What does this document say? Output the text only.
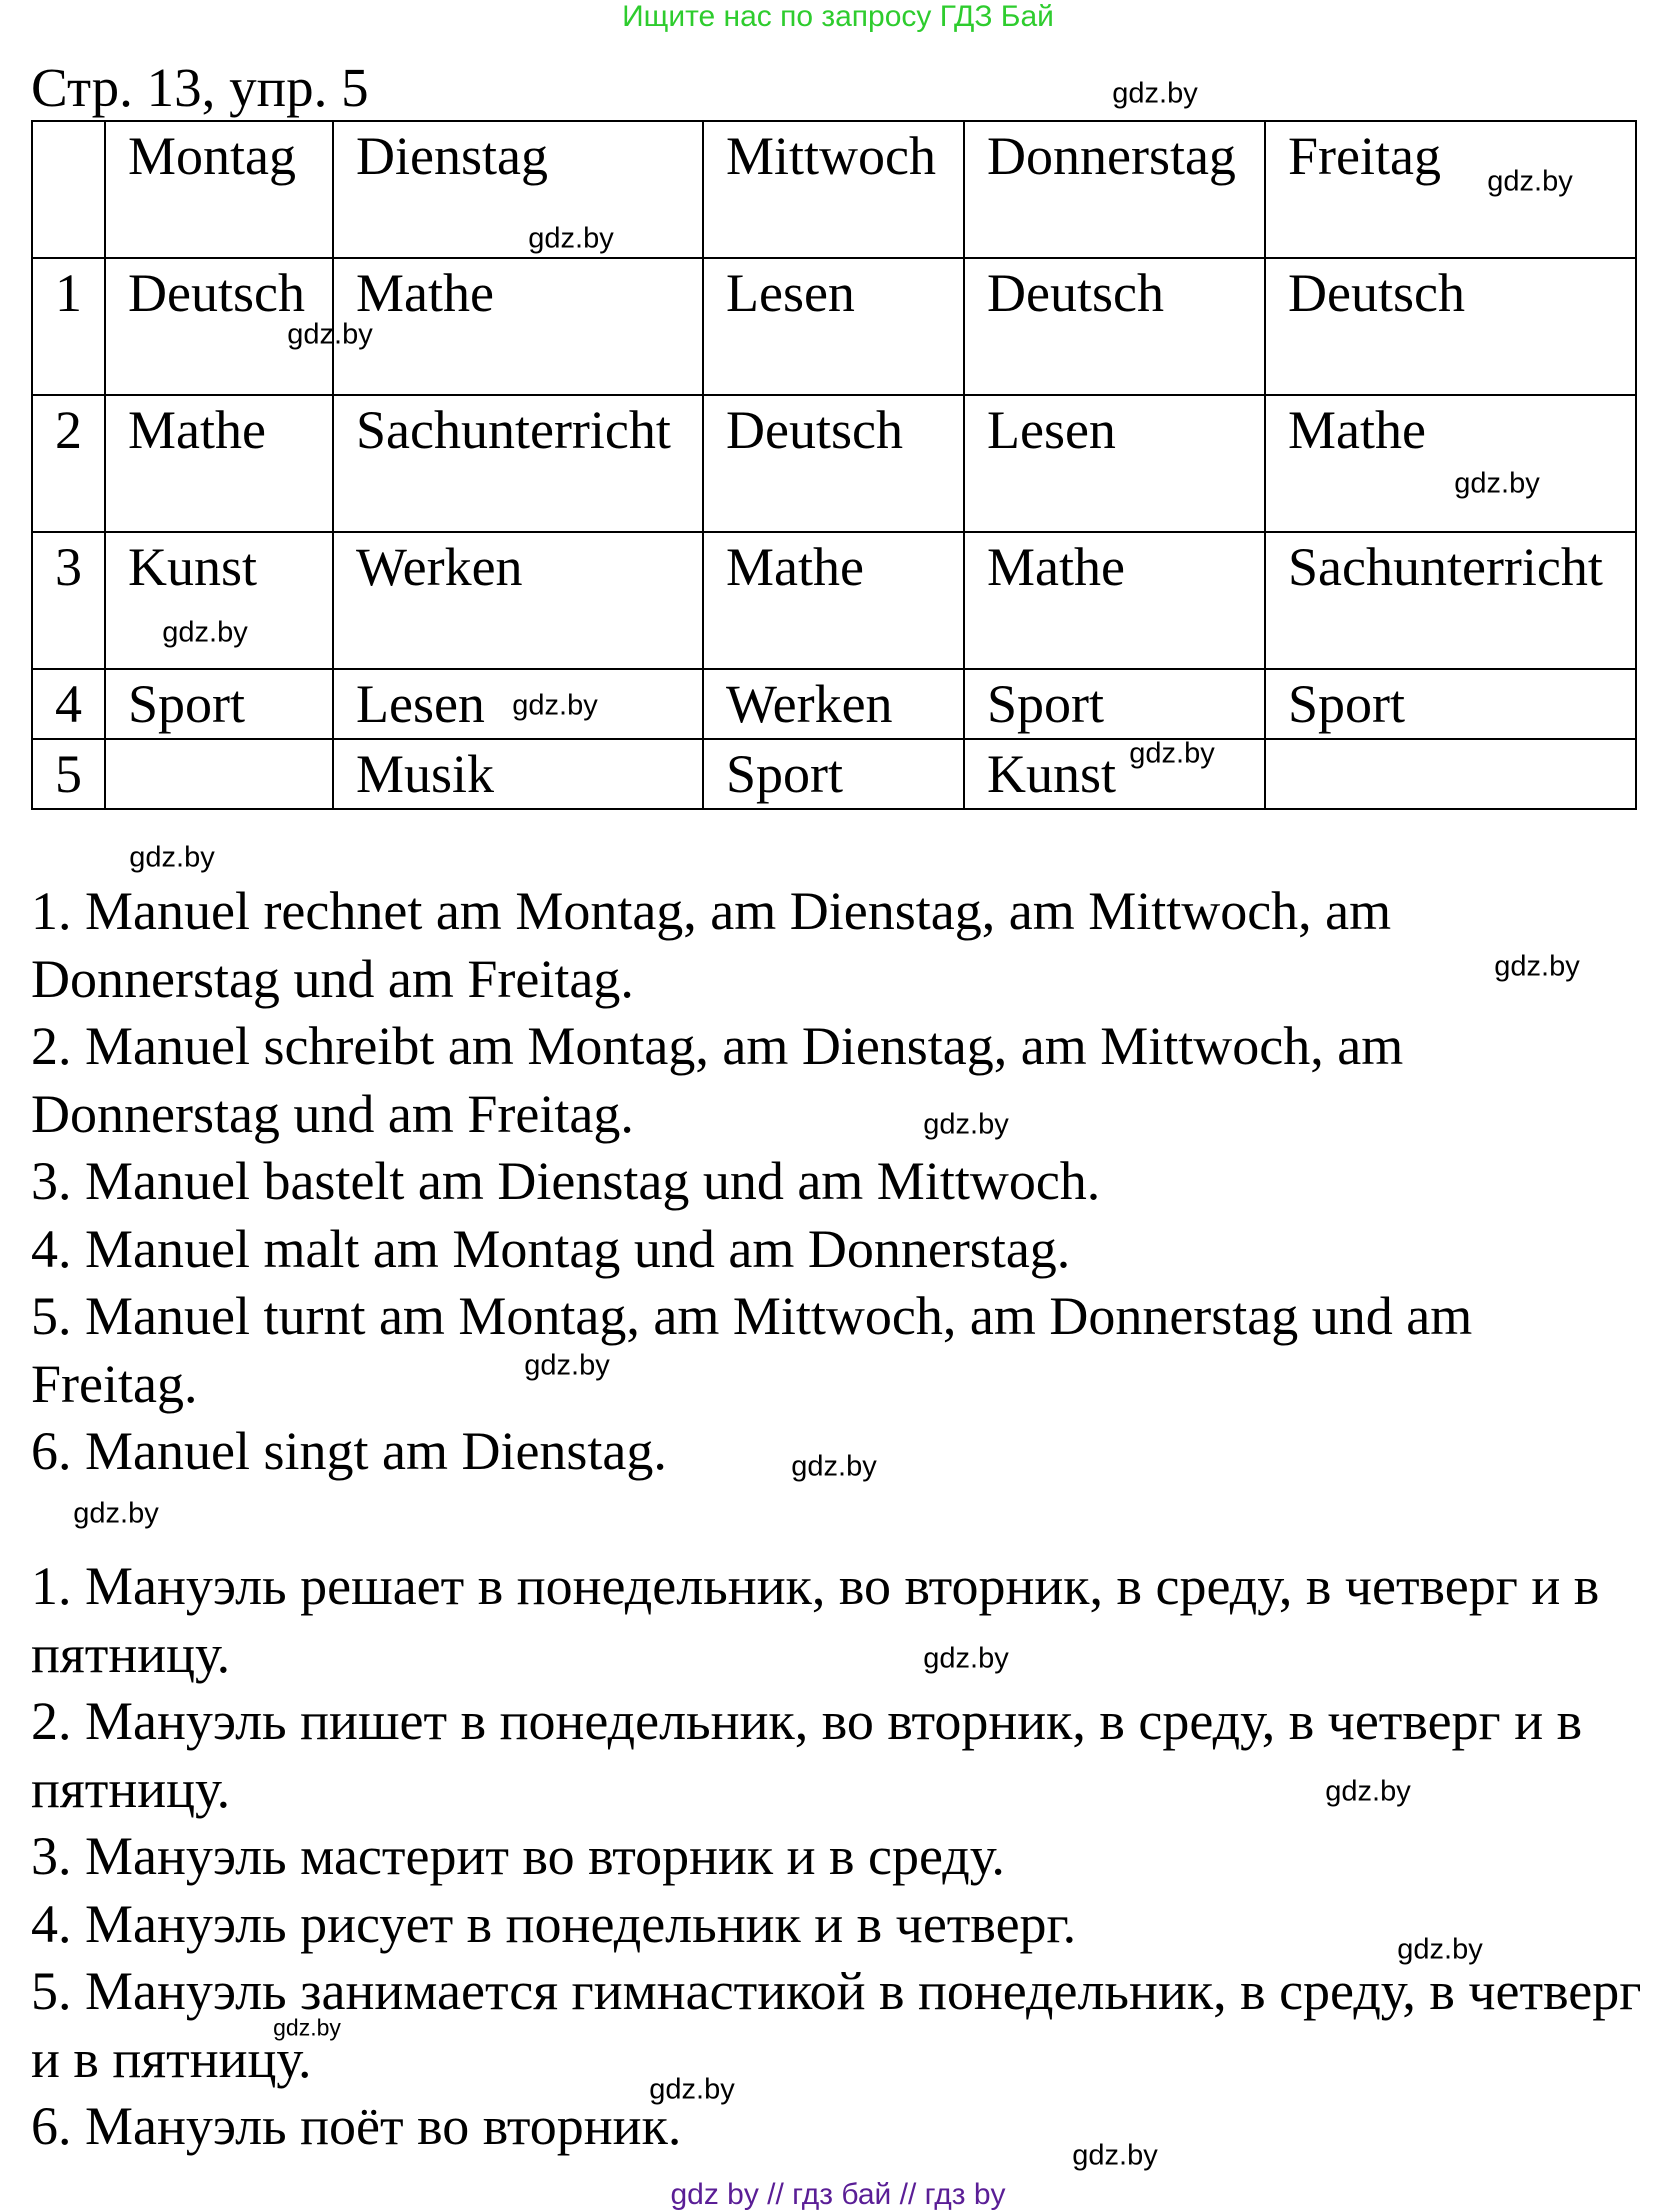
Ищите нас по запросу ГДЗ Бай
Стр. 13, упр. 5
	Montag	Dienstag	Mittwoch	Donnerstag	Freitag
1	Deutsch	Mathe	Lesen	Deutsch	Deutsch
2	Mathe	Sachunterricht	Deutsch	Lesen	Mathe
3	Kunst	Werken	Mathe	Mathe	Sachunterricht
4	Sport	Lesen	Werken	Sport	Sport
5		Musik	Sport	Kunst	

1. Manuel rechnet am Montag, am Dienstag, am Mittwoch, am Donnerstag und am Freitag.

2. Manuel schreibt am Montag, am Dienstag, am Mittwoch, am Donnerstag und am Freitag.

3. Manuel bastelt am Dienstag und am Mittwoch.

4. Manuel malt am Montag und am Donnerstag.

5. Manuel turnt am Montag, am Mittwoch, am Donnerstag und am Freitag.

6. Manuel singt am Dienstag.

1. Мануэль решает в понедельник, во вторник, в среду, в четверг и в пятницу.

2. Мануэль пишет в понедельник, во вторник, в среду, в четверг и в пятницу.

3. Мануэль мастерит во вторник и в среду.

4. Мануэль рисует в понедельник и в четверг.

5. Мануэль занимается гимнастикой в понедельник, в среду, в четверг и в пятницу.

6. Мануэль поёт во вторник.

gdz.by
gdz.by
gdz.by
gdz.by
gdz.by
gdz.by
gdz.by
gdz.by
gdz.by
gdz.by
gdz.by
gdz.by
gdz.by
gdz.by
gdz.by
gdz.by
gdz.by
gdz.by
gdz.by
gdz.by
gdz by // гдз бай // гдз by
